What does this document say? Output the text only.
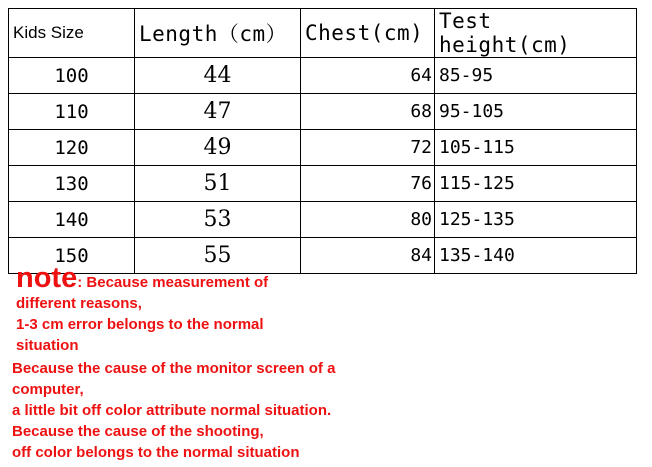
Kids Size	Length（cm）	Chest(cm)	Test height(cm)
100	44	64	85-95
110	47	68	95-105
120	49	72	105-115
130	51	76	115-125
140	53	80	125-135
150	55	84	135-140
note: Because measurement of
different reasons,
1-3 cm error belongs to the normal
situation
Because the cause of the monitor screen of a
computer,
a little bit off color attribute normal situation.
Because the cause of the shooting,
off color belongs to the normal situation
